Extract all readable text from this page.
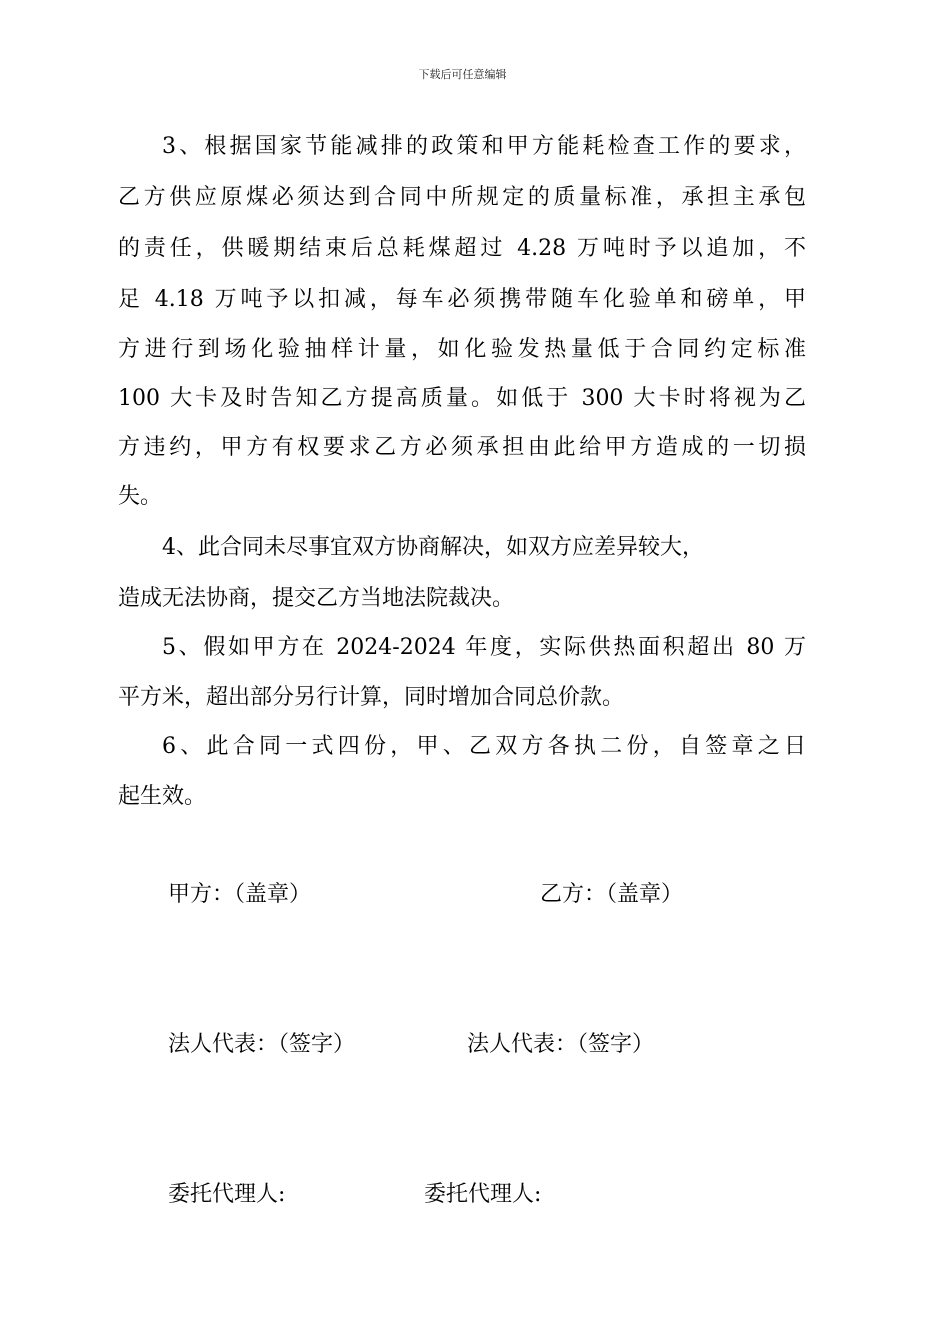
下载后可任意编辑
3、根据国家节能减排的政策和甲方能耗检查工作的要求，
乙方供应原煤必须达到合同中所规定的质量标准，承担主承包
的责任，供暖期结束后总耗煤超过 4.28 万吨时予以追加，不
足 4.18 万吨予以扣减，每车必须携带随车化验单和磅单，甲
方进行到场化验抽样计量，如化验发热量低于合同约定标准
100 大卡及时告知乙方提高质量。如低于 300 大卡时将视为乙
方违约，甲方有权要求乙方必须承担由此给甲方造成的一切损
失。
4、此合同未尽事宜双方协商解决，如双方应差异较大，
造成无法协商，提交乙方当地法院裁决。
5、假如甲方在 2024-2024 年度，实际供热面积超出 80 万
平方米，超出部分另行计算，同时增加合同总价款。
6、此合同一式四份，甲、乙双方各执二份，自签章之日
起生效。
甲方：（盖章）	乙方：（盖章）
法人代表：（签字）	法人代表：（签字）
委托代理人:	委托代理人:
